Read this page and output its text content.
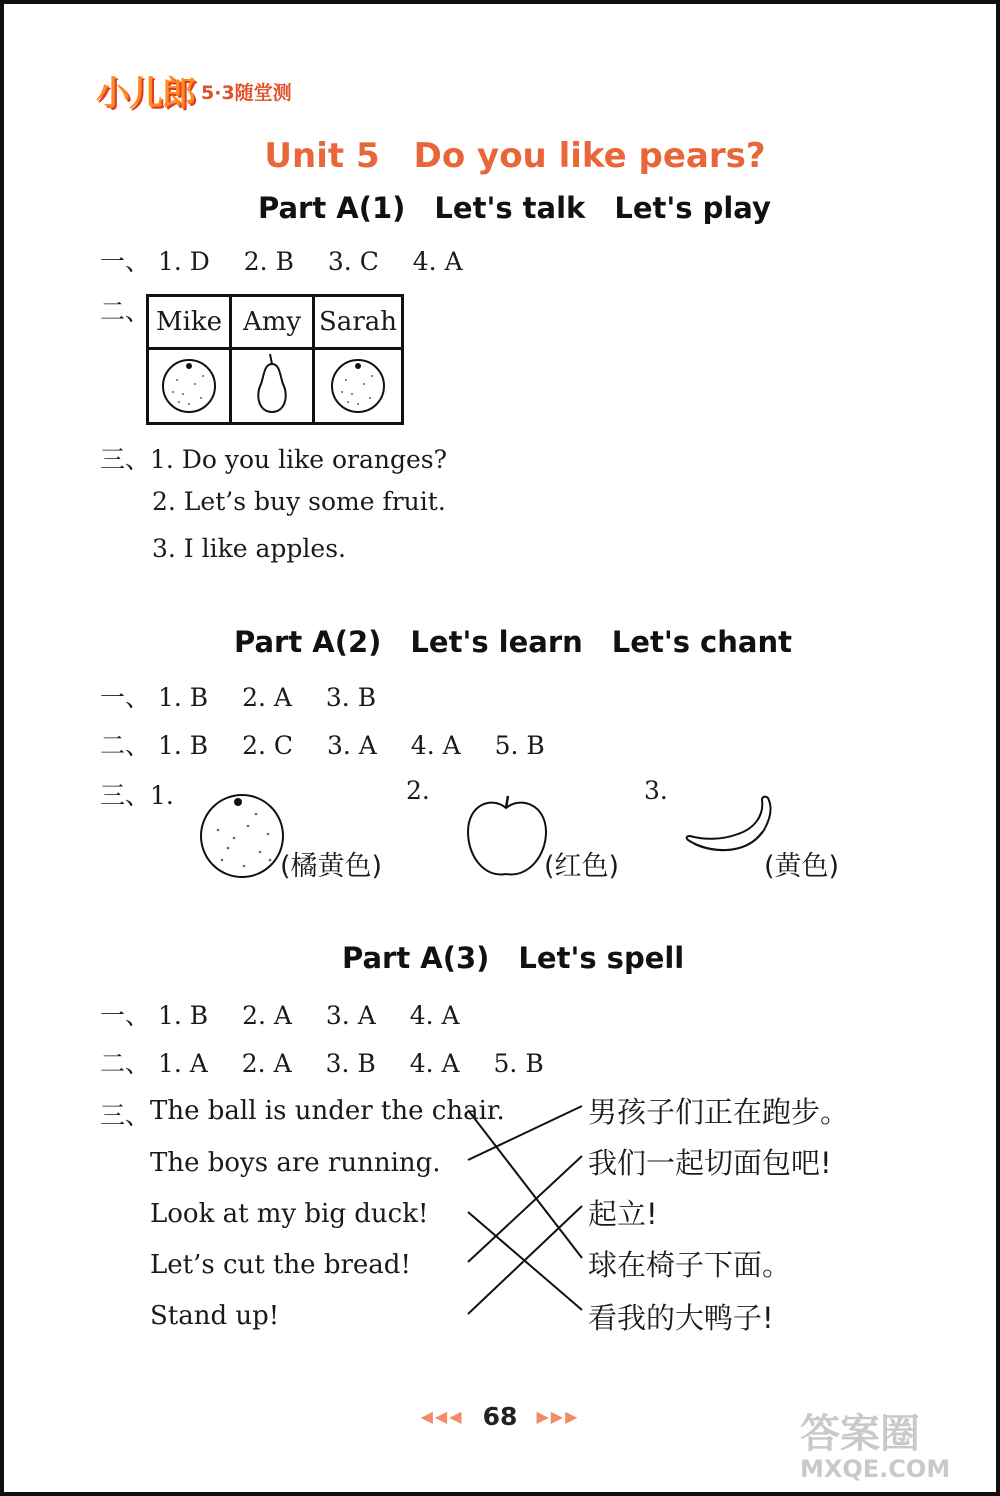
小儿郎 5·3随堂测
Unit 5　Do you like pears?
Part A(1)　Let's talk　Let's play
一、 1. D 2. B 3. C 4. A
二、 Mike	Amy	Sarah

三、1. Do you like oranges?
2. Let’s buy some fruit.
3. I like apples.
Part A(2)　Let's learn　Let's chant
一、 1. B 2. A 3. B
二、 1. B 2. C 3. A 4. A 5. B
三、1.	2.	3.
(橘黄色)	(红色)	(黄色)
Part A(3)　Let's spell
一、 1. B 2. A 3. A 4. A
二、 1. A 2. A 3. B 4. A 5. B
三、 The ball is under the chair.
The boys are running.
Look at my big duck!
Let’s cut the bread!
Stand up!
男孩子们正在跑步。
我们一起切面包吧!
起立!
球在椅子下面。
看我的大鸭子!
◀◀◀ 68 ▶▶▶	答案圈
MXQE.COM
